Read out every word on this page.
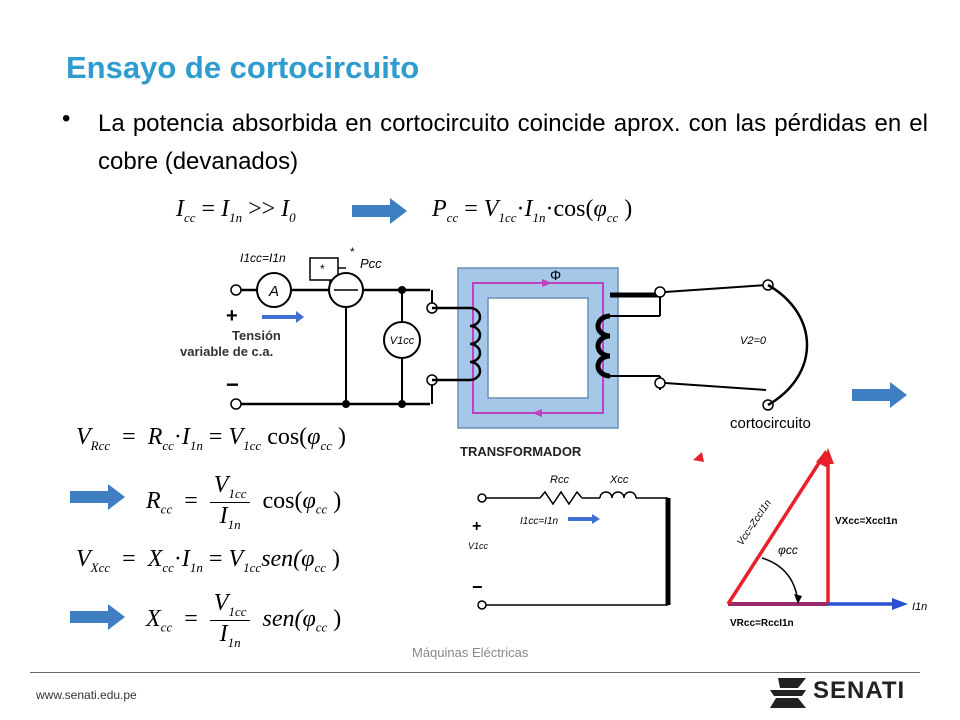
Ensayo de cortocircuito
• La potencia absorbida en cortocircuito coincide aprox. con las pérdidas en el cobre (devanados)
$I_{cc} = I_{1n} >> I_0$	$P_{cc} = V_{1cc}\cdot I_{1n}\cdot\cos(\varphi_{cc}$ )
A
*
*
Pcc
I1cc=I1n
V1cc
+
−
Tensión
variable de c.a.
Φ
V2=0
cortocircuito
TRANSFORMADOR
$V_{Rcc} = R_{cc}\cdot I_{1n} = V_{1cc}$ $\cos(\varphi_{cc}$ )
$R_{cc} = \frac{V_{1cc}}{I_{1n}} \cos(\varphi_{cc}$ )
$V_{Xcc} = X_{cc}\cdot I_{1n} = V_{1cc}sen(\varphi_{cc}$ )
$X_{cc} = \frac{V_{1cc}}{I_{1n}} sen(\varphi_{cc}$ )
Rcc	Xcc
I1cc=I1n
+
V1cc
−
φcc
VXcc=XccI1n
I1n
VRcc=RccI1n
Vcc=ZccI1n
Máquinas Eléctricas
www.senati.edu.pe	SENATI
